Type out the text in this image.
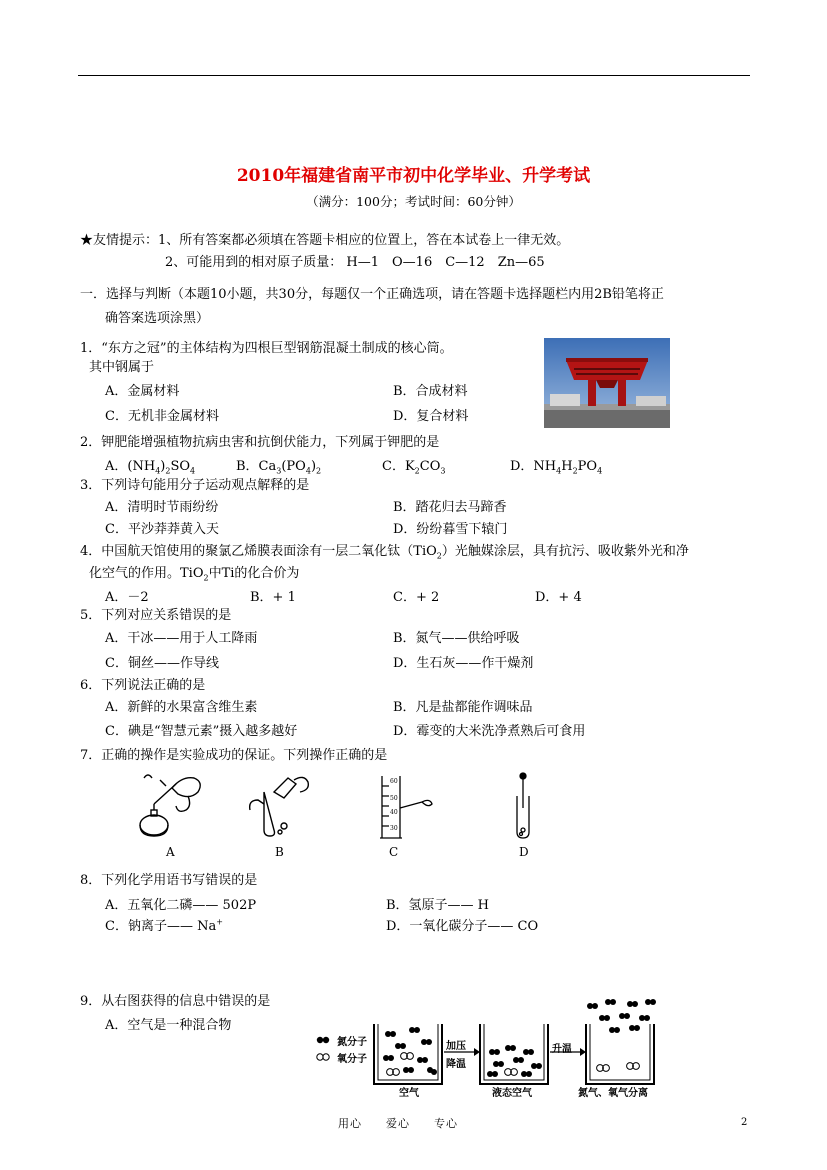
2010年福建省南平市初中化学毕业、升学考试
（满分：100分；考试时间：60分钟）
★友情提示：1、所有答案都必须填在答题卡相应的位置上，答在本试卷上一律无效。
2、可能用到的相对原子质量： H—1　O—16　C—12　Zn—65
一．选择与判断（本题10小题，共30分，每题仅一个正确选项，请在答题卡选择题栏内用2B铅笔将正
确答案选项涂黑）
1．“东方之冠”的主体结构为四根巨型钢筋混凝土制成的核心筒。
其中钢属于
A．金属材料	B．合成材料
C．无机非金属材料	D．复合材料
2．钾肥能增强植物抗病虫害和抗倒伏能力，下列属于钾肥的是
A．$(NH_4)_2SO_4$	B．$Ca_3(PO_4)_2$	C．$K_2CO_3$	D．$NH_4H_2PO_4$
3．下列诗句能用分子运动观点解释的是
A．清明时节雨纷纷	B．踏花归去马蹄香
C．平沙莽莽黄入天	D．纷纷暮雪下辕门
4．中国航天馆使用的聚氯乙烯膜表面涂有一层二氧化钛（TiO$_2$）光触媒涂层，具有抗污、吸收紫外光和净
化空气的作用。TiO$_2$中Ti的化合价为
A．－2	B．+ 1	C．+ 2	D．+ 4
5．下列对应关系错误的是
A．干冰——用于人工降雨	B．氮气——供给呼吸
C．铜丝——作导线	D．生石灰——作干燥剂
6．下列说法正确的是
A．新鲜的水果富含维生素	B．凡是盐都能作调味品
C．碘是“智慧元素”摄入越多越好	D．霉变的大米洗净煮熟后可食用
7．正确的操作是实验成功的保证。下列操作正确的是
60
50
40
30
A	B	C	D
8．下列化学用语书写错误的是
A．五氧化二磷—— 502P	B．氢原子—— H
C．钠离子—— Na+	D．一氧化碳分子—— CO
9．从右图获得的信息中错误的是
A．空气是一种混合物
氮分子
氧分子
加压
降温
升温
空气	液态空气	氮气、氧气分离
用心　　爱心　　专心	2
